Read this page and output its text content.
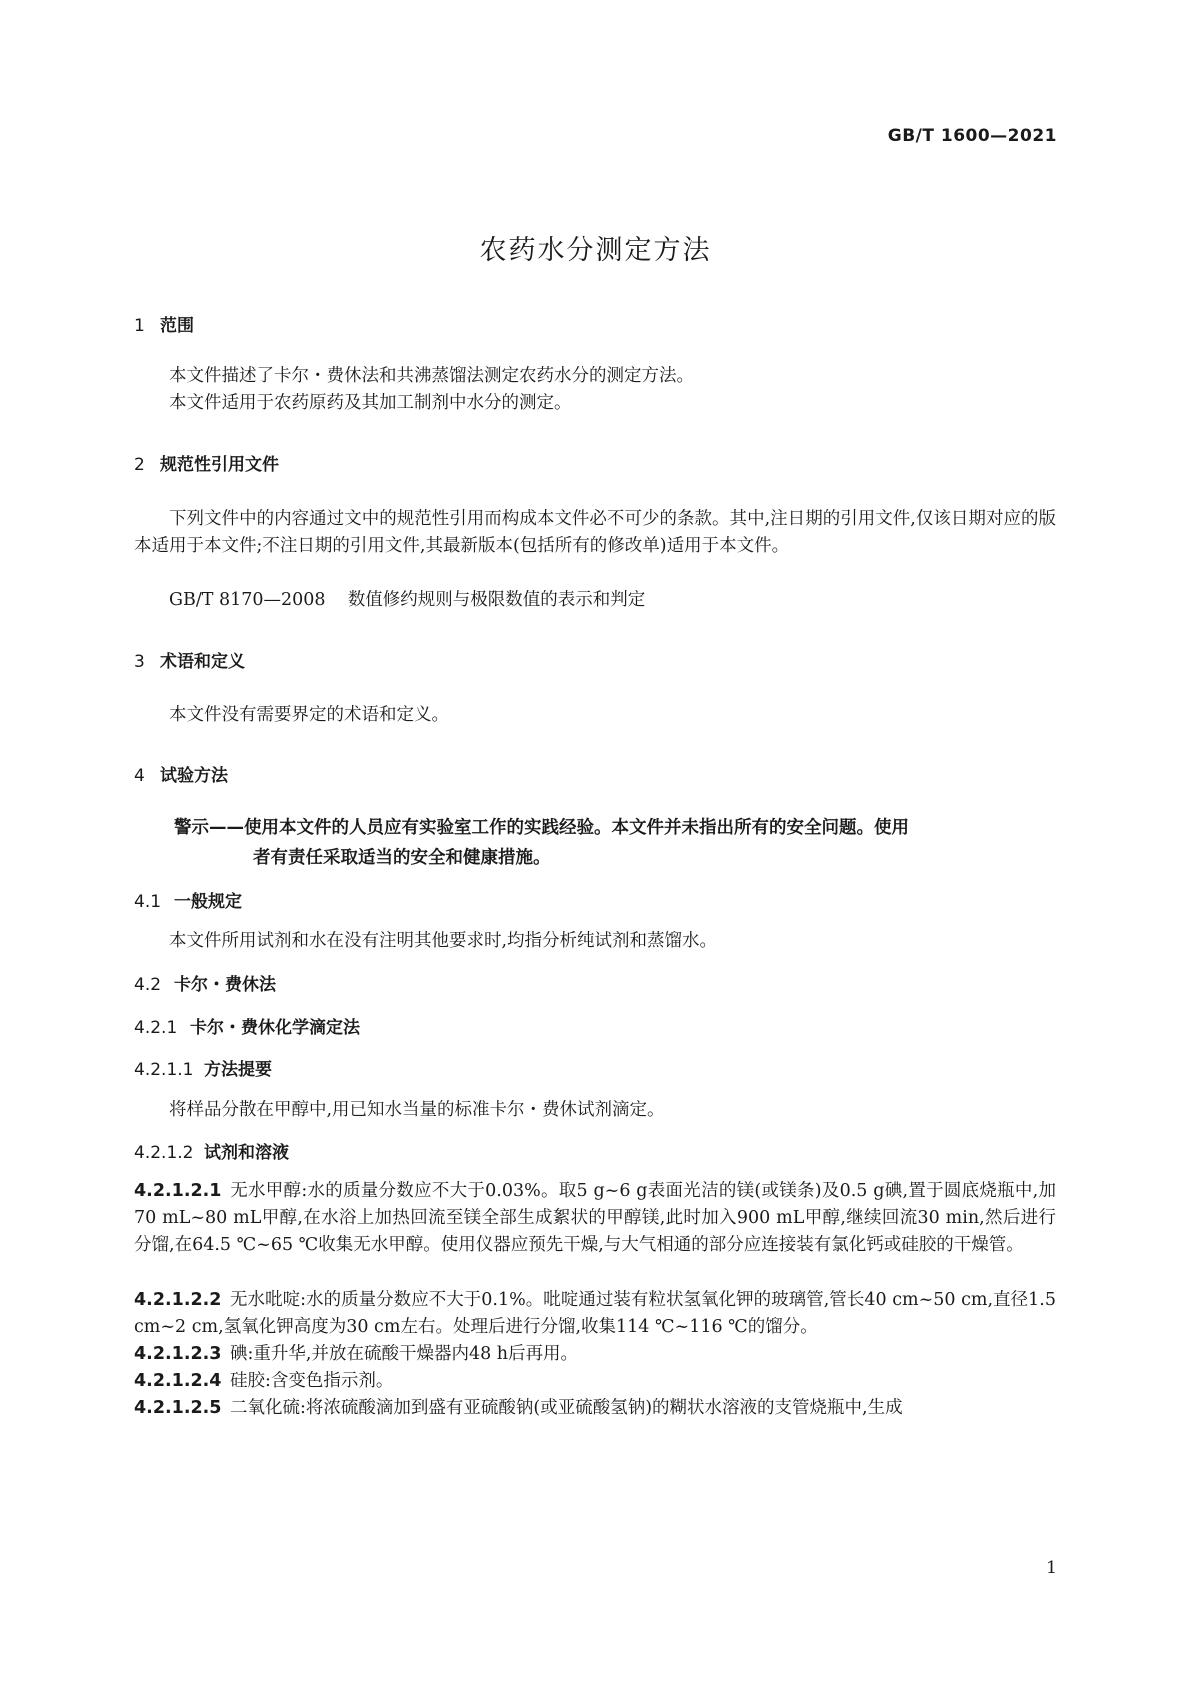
GB/T 1600—2021
农药水分测定方法
1 范围
本文件描述了卡尔・费休法和共沸蒸馏法测定农药水分的测定方法。
本文件适用于农药原药及其加工制剂中水分的测定。
2 规范性引用文件
下列文件中的内容通过文中的规范性引用而构成本文件必不可少的条款。其中,注日期的引用文件,仅该日期对应的版本适用于本文件;不注日期的引用文件,其最新版本(包括所有的修改单)适用于本文件。
GB/T 8170—2008 数值修约规则与极限数值的表示和判定
3 术语和定义
本文件没有需要界定的术语和定义。
4 试验方法
警示——使用本文件的人员应有实验室工作的实践经验。本文件并未指出所有的安全问题。使用
者有责任采取适当的安全和健康措施。
4.1 一般规定
本文件所用试剂和水在没有注明其他要求时,均指分析纯试剂和蒸馏水。
4.2 卡尔・费休法
4.2.1 卡尔・费休化学滴定法
4.2.1.1 方法提要
将样品分散在甲醇中,用已知水当量的标准卡尔・费休试剂滴定。
4.2.1.2 试剂和溶液
4.2.1.2.1 无水甲醇:水的质量分数应不大于0.03%。取5 g~6 g表面光洁的镁(或镁条)及0.5 g碘,置于圆底烧瓶中,加70 mL~80 mL甲醇,在水浴上加热回流至镁全部生成絮状的甲醇镁,此时加入900 mL甲醇,继续回流30 min,然后进行分馏,在64.5 ℃~65 ℃收集无水甲醇。使用仪器应预先干燥,与大气相通的部分应连接装有氯化钙或硅胶的干燥管。
4.2.1.2.2 无水吡啶:水的质量分数应不大于0.1%。吡啶通过装有粒状氢氧化钾的玻璃管,管长40 cm~50 cm,直径1.5 cm~2 cm,氢氧化钾高度为30 cm左右。处理后进行分馏,收集114 ℃~116 ℃的馏分。
4.2.1.2.3 碘:重升华,并放在硫酸干燥器内48 h后再用。
4.2.1.2.4 硅胶:含变色指示剂。
4.2.1.2.5 二氧化硫:将浓硫酸滴加到盛有亚硫酸钠(或亚硫酸氢钠)的糊状水溶液的支管烧瓶中,生成
1
